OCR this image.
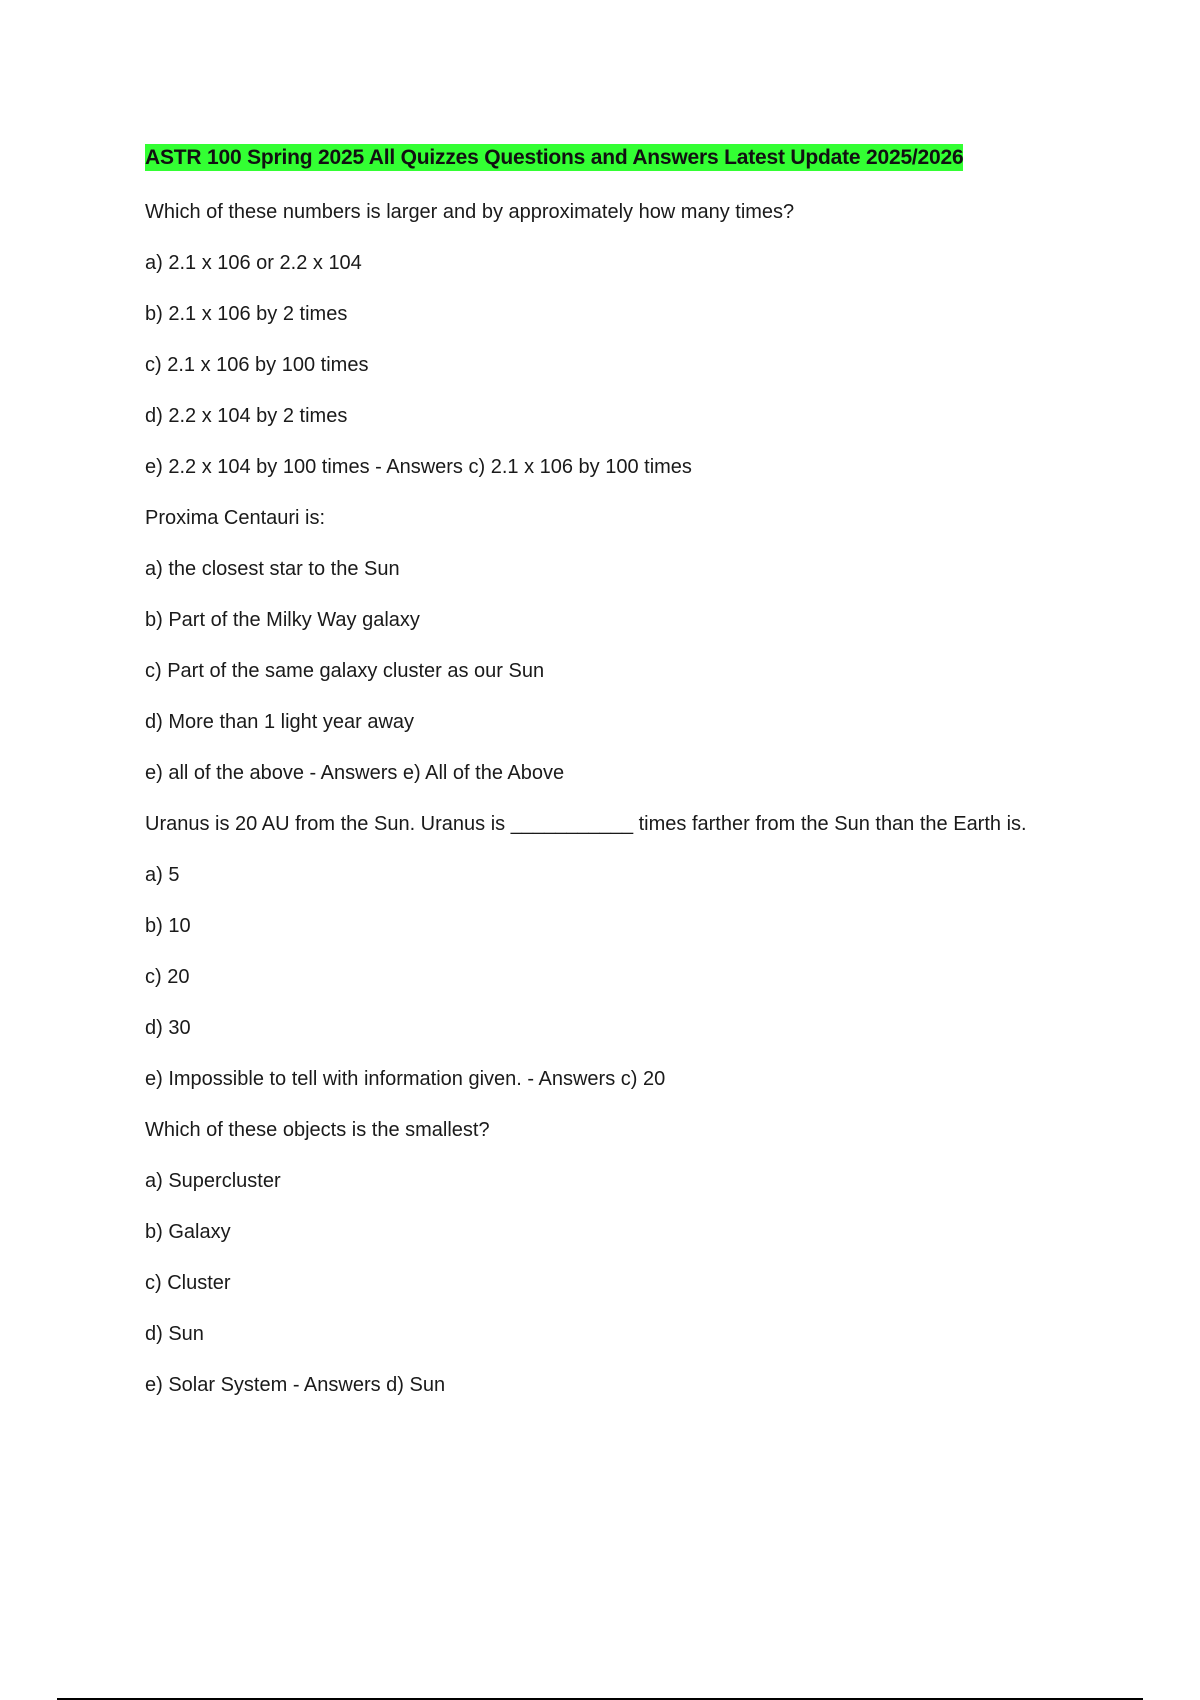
ASTR 100 Spring 2025 All Quizzes Questions and Answers Latest Update 2025/2026
Which of these numbers is larger and by approximately how many times?
a) 2.1 x 106 or 2.2 x 104
b) 2.1 x 106 by 2 times
c) 2.1 x 106 by 100 times
d) 2.2 x 104 by 2 times
e) 2.2 x 104 by 100 times - Answers c) 2.1 x 106 by 100 times
Proxima Centauri is:
a) the closest star to the Sun
b) Part of the Milky Way galaxy
c) Part of the same galaxy cluster as our Sun
d) More than 1 light year away
e) all of the above - Answers e) All of the Above
Uranus is 20 AU from the Sun. Uranus is ___________ times farther from the Sun than the Earth is.
a) 5
b) 10
c) 20
d) 30
e) Impossible to tell with information given. - Answers c) 20
Which of these objects is the smallest?
a) Supercluster
b) Galaxy
c) Cluster
d) Sun
e) Solar System - Answers d) Sun
